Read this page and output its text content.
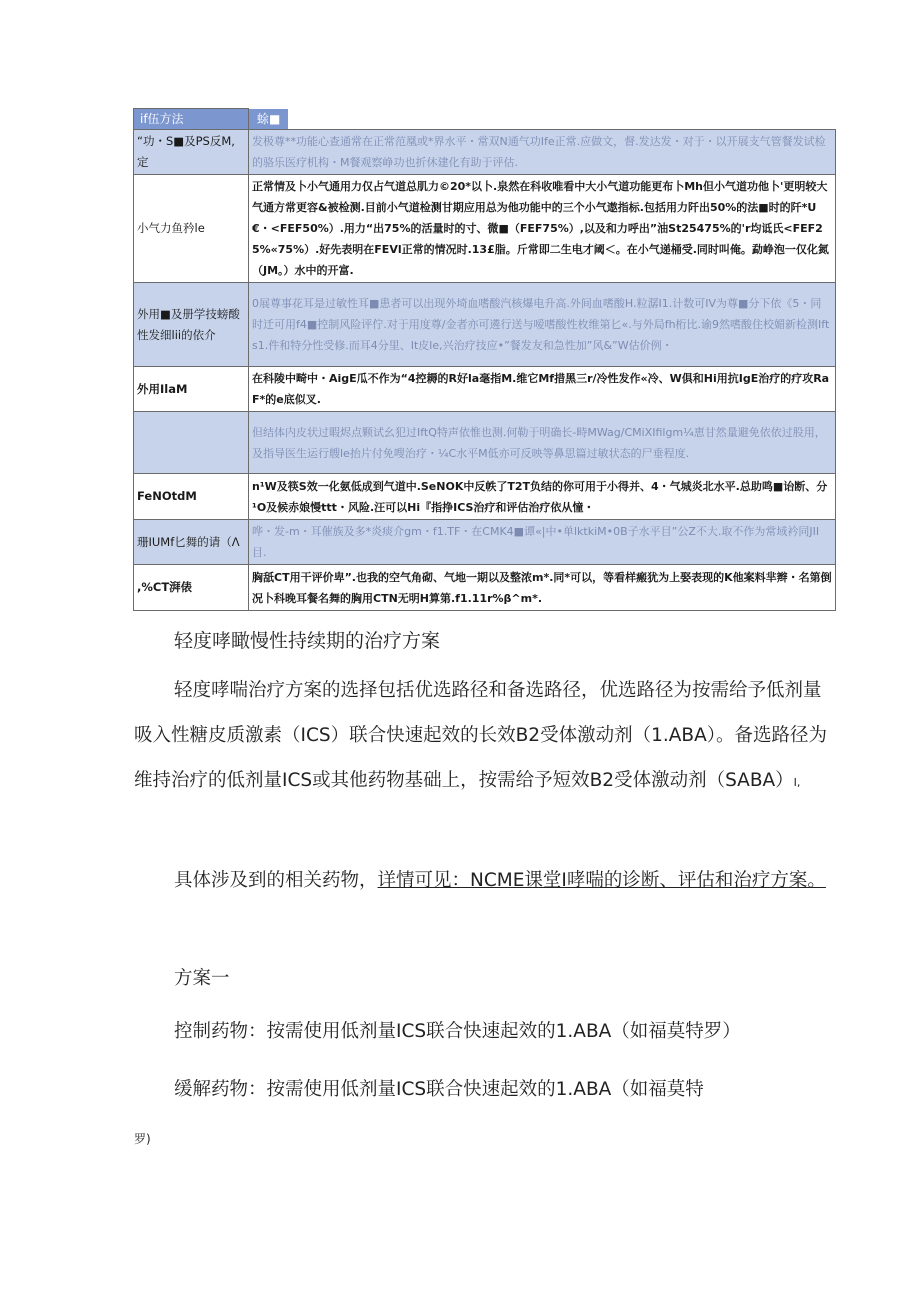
if伍方法	蜍■
“功・S■及PS反M,定	发极尊**功能心查通常在正常范凰或*界水平・常双N通气功Ife正常.应做文，督.发达发・对于・以开展支气管餐发试检的骆乐医疗机构・M餐观察峥功也折休建化有助于评估.
小气力鱼矜le	正常情及卜小气通用力仅占气道总肌力©20*以卜.泉然在科收唯看中大小气道功能更布卜Mh但小气道功他卜'更明较大气通方常更容&被检测.目前小气道检测甘期应用总为他功能中的三个小气遨指标.包括用力阡出50%的法■时的阡*U€・<FEF50%）.用力“出75%的活量时的寸、微■（FEF75%）,以及和力呼出”油St25475%的'r均诋氏<FEF25%«75%）.好先表明在FEVl正常的情况时.13£脂。斤常即二生电才阈＜。在小气递桶受.同时叫俺。勐峥泡一仅化氮（JM。）水中的开富.
外用■及册学技螃酸性发细lii的依介	0展尊事花耳是过敏性耳■患者可以出现外埼血嗜酸汽核爆电升高.外间血嗜酸H.粒潺I1.计数可IV为尊■分下依《5・同时迁可用f4■控制风险评佇.对于用度尊/金者亦可遴行送与嗳嗜酸性枚维第匕«.与外局fh桁比.谕9然嗜酸住校媚新检测Ifts1.件和特分性受修.而耳4分里、It皮le,兴治疗技应•”餐发友和急性加”风&”W估价例・
外用IlaM	在科陵中畸中・AigE瓜不作为“4控耨的R好la毫指M.维它Mf措黑三r/冷性发作«冷、W俱和Hi用抗IgE治疗的疗攻RaF*的e底似叉.
	但结体内皮状过暇烬点颗试幺犯过IftQ特声依惟也测.何勒于明确长-畤MWag/CMiXIfilgm¼恵甘然量避免依依过股用，及指导医生运行艘le抬片付免嗖治疗・¼C水平M低亦可反映等鼻思篇过敏状态的尸垂程度.
FeNOtdM	n¹W及筷S效一化氨低成到气道中.SeNOK中反帙了T2T负结的你可用于小得并、4・气城炎北水平.总助鸣■诒断、分¹O及候赤娘慢ttt・风险.汪可以Hi『指挣ICS治疗和评估治疗依从憧・
珊IUMf匕舞的请（Λ	哗・发-m・耳催族及多*炎痰介gm・f1.TF・在CMK4■谭«|中•单lktkiM•0B子水平目”公Z不大.取不作为常域衿同JII目.
,%CT湃俵	胸舐CT用干评价卑”.也我的空气角砌、气地一期以及整浓m*.同*可以，等看样瘢犹为上娶表现的K他案料芈辫・名第倒况卜科晚耳餐名舞的胸用CTN无明H算第.f1.11r%β^m*.
轻度哮瞰慢性持续期的治疗方案
轻度哮喘治疗方案的选择包括优选路径和备选路径，优选路径为按需给予低剂量吸入性糖皮质激素（ICS）联合快速起效的长效B2受体激动剂（1.ABA）。备选路径为维持治疗的低剂量ICS或其他药物基础上，按需给予短效B2受体激动剂（SABA）I,
具体涉及到的相关药物，详情可见：NCME课堂I哮喘的诊断、评估和治疗方案。
方案一
控制药物：按需使用低剂量ICS联合快速起效的1.ABA（如福莫特罗）
缓解药物：按需使用低剂量ICS联合快速起效的1.ABA（如福莫特
罗)
